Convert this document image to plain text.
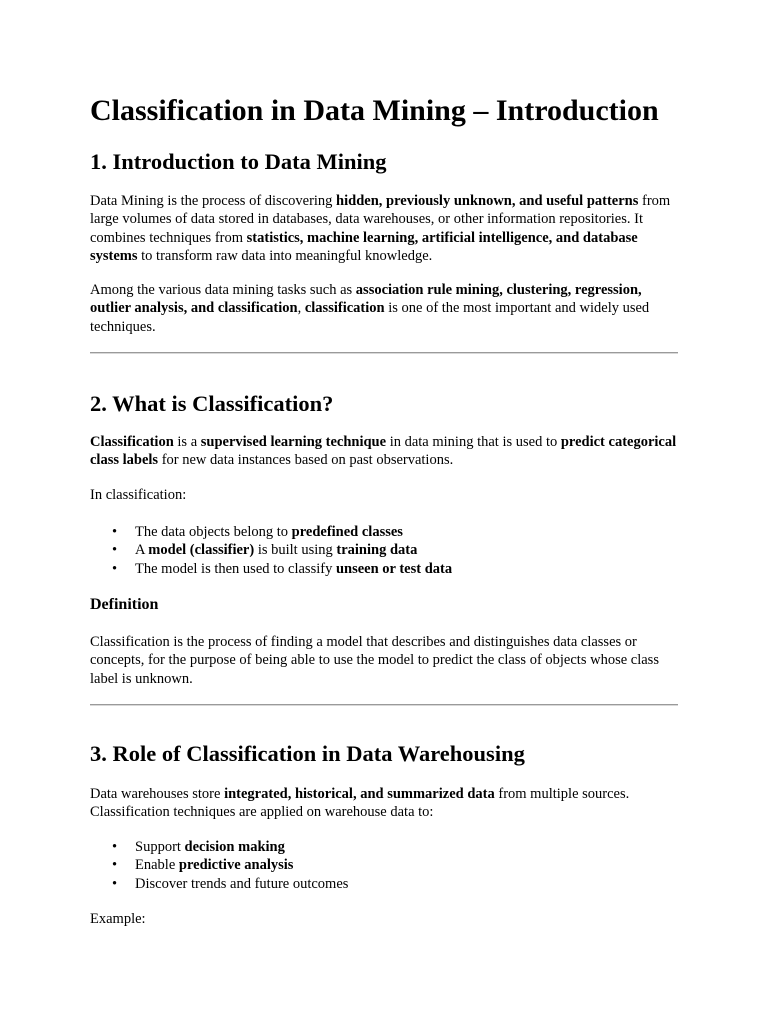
Classification in Data Mining – Introduction
1. Introduction to Data Mining

Data Mining is the process of discovering hidden, previously unknown, and useful patterns from large volumes of data stored in databases, data warehouses, or other information repositories. It combines techniques from statistics, machine learning, artificial intelligence, and database systems to transform raw data into meaningful knowledge.

Among the various data mining tasks such as association rule mining, clustering, regression, outlier analysis, and classification, classification is one of the most important and widely used techniques.

2. What is Classification?

Classification is a supervised learning technique in data mining that is used to predict categorical class labels for new data instances based on past observations.

In classification:

• The data objects belong to predefined classes
• A model (classifier) is built using training data
• The model is then used to classify unseen or test data
Definition

Classification is the process of finding a model that describes and distinguishes data classes or concepts, for the purpose of being able to use the model to predict the class of objects whose class label is unknown.

3. Role of Classification in Data Warehousing

Data warehouses store integrated, historical, and summarized data from multiple sources. Classification techniques are applied on warehouse data to:

• Support decision making
• Enable predictive analysis
• Discover trends and future outcomes

Example:
